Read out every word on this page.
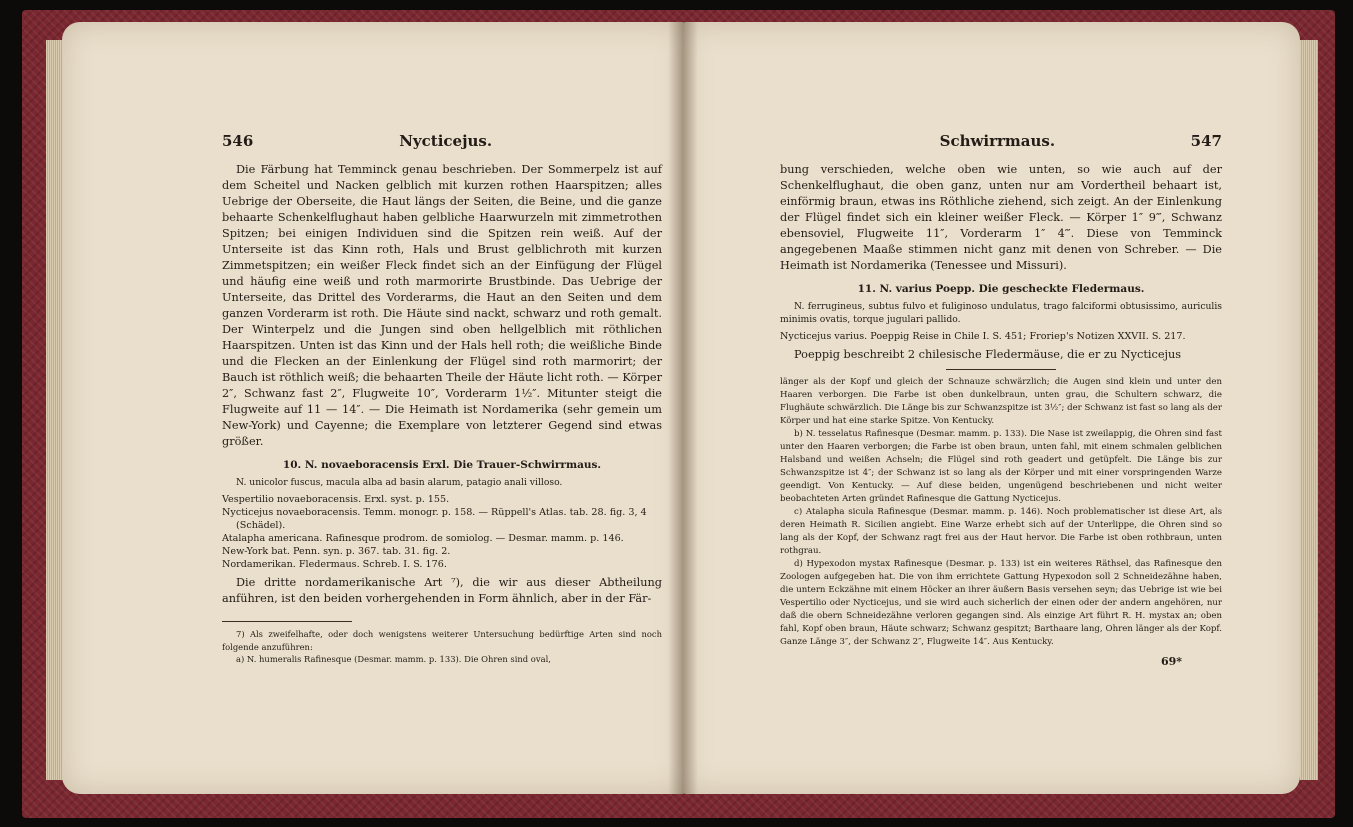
546	Nycticejus.

Die Färbung hat Temminck genau beschrieben. Der Sommerpelz ist auf dem Scheitel und Nacken gelblich mit kurzen rothen Haarspitzen; alles Uebrige der Oberseite, die Haut längs der Seiten, die Beine, und die ganze behaarte Schenkelflughaut haben gelbliche Haarwurzeln mit zimmetrothen Spitzen; bei einigen Individuen sind die Spitzen rein weiß. Auf der Unterseite ist das Kinn roth, Hals und Brust gelblichroth mit kurzen Zimmetspitzen; ein weißer Fleck findet sich an der Einfügung der Flügel und häufig eine weiß und roth marmorirte Brustbinde. Das Uebrige der Unterseite, das Drittel des Vorderarms, die Haut an den Seiten und dem ganzen Vorderarm ist roth. Die Häute sind nackt, schwarz und roth gemalt. Der Winterpelz und die Jungen sind oben hellgelblich mit röthlichen Haarspitzen. Unten ist das Kinn und der Hals hell roth; die weißliche Binde und die Flecken an der Einlenkung der Flügel sind roth marmorirt; der Bauch ist röthlich weiß; die behaarten Theile der Häute licht roth. — Körper 2″, Schwanz fast 2″, Flugweite 10″, Vorderarm 1½″. Mitunter steigt die Flugweite auf 11 — 14″. — Die Heimath ist Nordamerika (sehr gemein um New-York) und Cayenne; die Exemplare von letzterer Gegend sind etwas größer.

10. N. novaeboracensis Erxl. Die Trauer-Schwirrmaus.

N. unicolor fuscus, macula alba ad basin alarum, patagio anali villoso.

Vespertilio novaeboracensis. Erxl. syst. p. 155.

Nycticejus novaeboracensis. Temm. monogr. p. 158. — Rüppell's Atlas. tab. 28. fig. 3, 4 (Schädel).

Atalapha americana. Rafinesque prodrom. de somiolog. — Desmar. mamm. p. 146.

New-York bat. Penn. syn. p. 367. tab. 31. fig. 2.

Nordamerikan. Fledermaus. Schreb. I. S. 176.

Die dritte nordamerikanische Art ⁷), die wir aus dieser Abtheilung anführen, ist den beiden vorhergehenden in Form ähnlich, aber in der Fär-

7) Als zweifelhafte, oder doch wenigstens weiterer Untersuchung bedürftige Arten sind noch folgende anzuführen:

a) N. humeralis Rafinesque (Desmar. mamm. p. 133). Die Ohren sind oval,

Schwirrmaus.	547

bung verschieden, welche oben wie unten, so wie auch auf der Schenkelflughaut, die oben ganz, unten nur am Vordertheil behaart ist, einförmig braun, etwas ins Röthliche ziehend, sich zeigt. An der Einlenkung der Flügel findet sich ein kleiner weißer Fleck. — Körper 1″ 9‴, Schwanz ebensoviel, Flugweite 11″, Vorderarm 1″ 4‴. Diese von Temminck angegebenen Maaße stimmen nicht ganz mit denen von Schreber. — Die Heimath ist Nordamerika (Tenessee und Missuri).

11. N. varius Poepp. Die gescheckte Fledermaus.

N. ferrugineus, subtus fulvo et fuliginoso undulatus, trago falciformi obtusissimo, auriculis minimis ovatis, torque jugulari pallido.

Nycticejus varius. Poeppig Reise in Chile I. S. 451; Froriep's Notizen XXVII. S. 217.

Poeppig beschreibt 2 chilesische Fledermäuse, die er zu Nycticejus

länger als der Kopf und gleich der Schnauze schwärzlich; die Augen sind klein und unter den Haaren verborgen. Die Farbe ist oben dunkelbraun, unten grau, die Schultern schwarz, die Flughäute schwärzlich. Die Länge bis zur Schwanzspitze ist 3½″; der Schwanz ist fast so lang als der Körper und hat eine starke Spitze. Von Kentucky.

b) N. tesselatus Rafinesque (Desmar. mamm. p. 133). Die Nase ist zweilappig, die Ohren sind fast unter den Haaren verborgen; die Farbe ist oben braun, unten fahl, mit einem schmalen gelblichen Halsband und weißen Achseln; die Flügel sind roth geadert und getüpfelt. Die Länge bis zur Schwanzspitze ist 4″; der Schwanz ist so lang als der Körper und mit einer vorspringenden Warze geendigt. Von Kentucky. — Auf diese beiden, ungenügend beschriebenen und nicht weiter beobachteten Arten gründet Rafinesque die Gattung Nycticejus.

c) Atalapha sicula Rafinesque (Desmar. mamm. p. 146). Noch problematischer ist diese Art, als deren Heimath R. Sicilien angiebt. Eine Warze erhebt sich auf der Unterlippe, die Ohren sind so lang als der Kopf, der Schwanz ragt frei aus der Haut hervor. Die Farbe ist oben rothbraun, unten rothgrau.

d) Hypexodon mystax Rafinesque (Desmar. p. 133) ist ein weiteres Räthsel, das Rafinesque den Zoologen aufgegeben hat. Die von ihm errichtete Gattung Hypexodon soll 2 Schneidezähne haben, die untern Eckzähne mit einem Höcker an ihrer äußern Basis versehen seyn; das Uebrige ist wie bei Vespertilio oder Nycticejus, und sie wird auch sicherlich der einen oder der andern angehören, nur daß die obern Schneidezähne verloren gegangen sind. Als einzige Art führt R. H. mystax an; oben fahl, Kopf oben braun, Häute schwarz; Schwanz gespitzt; Barthaare lang, Ohren länger als der Kopf. Ganze Länge 3″, der Schwanz 2″, Flugweite 14″. Aus Kentucky.

69*
